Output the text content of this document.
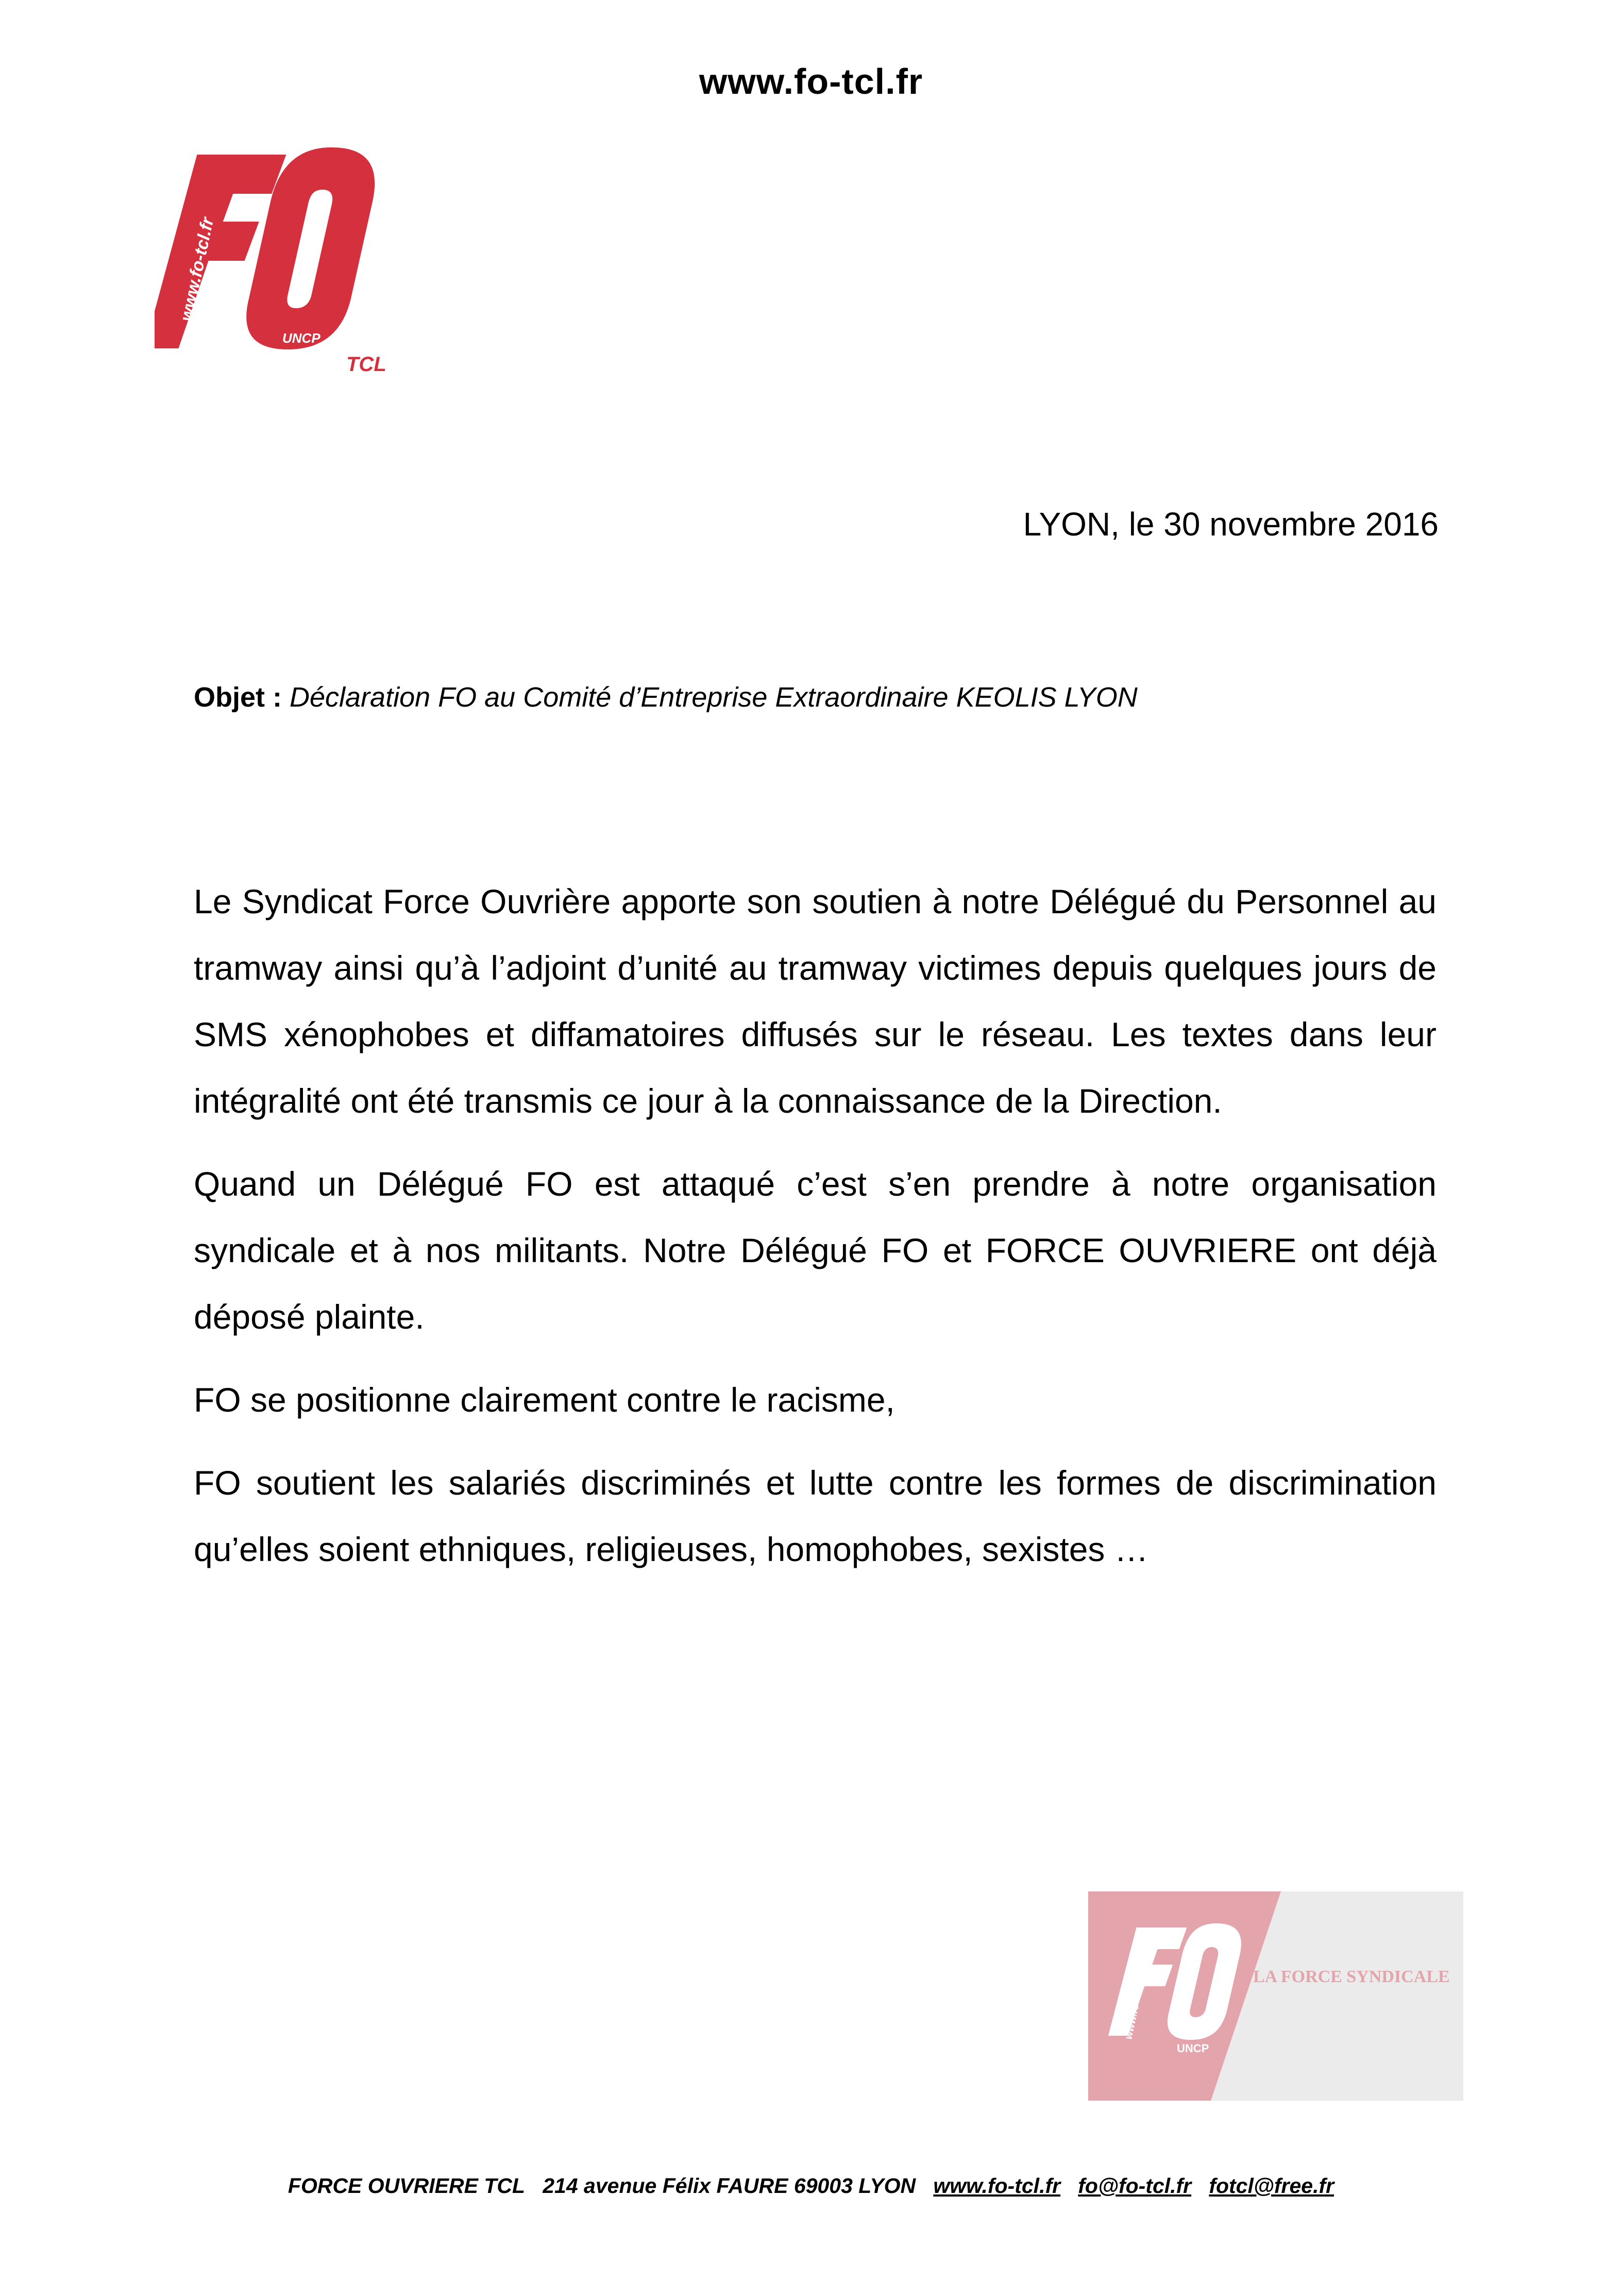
www.fo-tcl.fr
www.fo-tcl.fr
UNCP
TCL
LYON, le 30 novembre 2016
Objet : Déclaration FO au Comité d’Entreprise Extraordinaire KEOLIS LYON

Le Syndicat Force Ouvrière apporte son soutien à notre Délégué du Personnel au tramway ainsi qu’à l’adjoint d’unité au tramway victimes depuis quelques jours de SMS xénophobes et diffamatoires diffusés sur le réseau. Les textes dans leur intégralité ont été transmis ce jour à la connaissance de la Direction.

Quand un Délégué FO est attaqué c’est s’en prendre à notre organisation syndicale et à nos militants. Notre Délégué FO et FORCE OUVRIERE ont déjà déposé plainte.

FO se positionne clairement contre le racisme,

FO soutient les salariés discriminés et lutte contre les formes de discrimination qu’elles soient ethniques, religieuses, homophobes, sexistes …

www.fo-tcl.fr
UNCP
LA FORCE SYNDICALE
FORCE OUVRIERE TCL 214 avenue Félix FAURE 69003 LYON www.fo-tcl.fr fo@fo-tcl.fr fotcl@free.fr
